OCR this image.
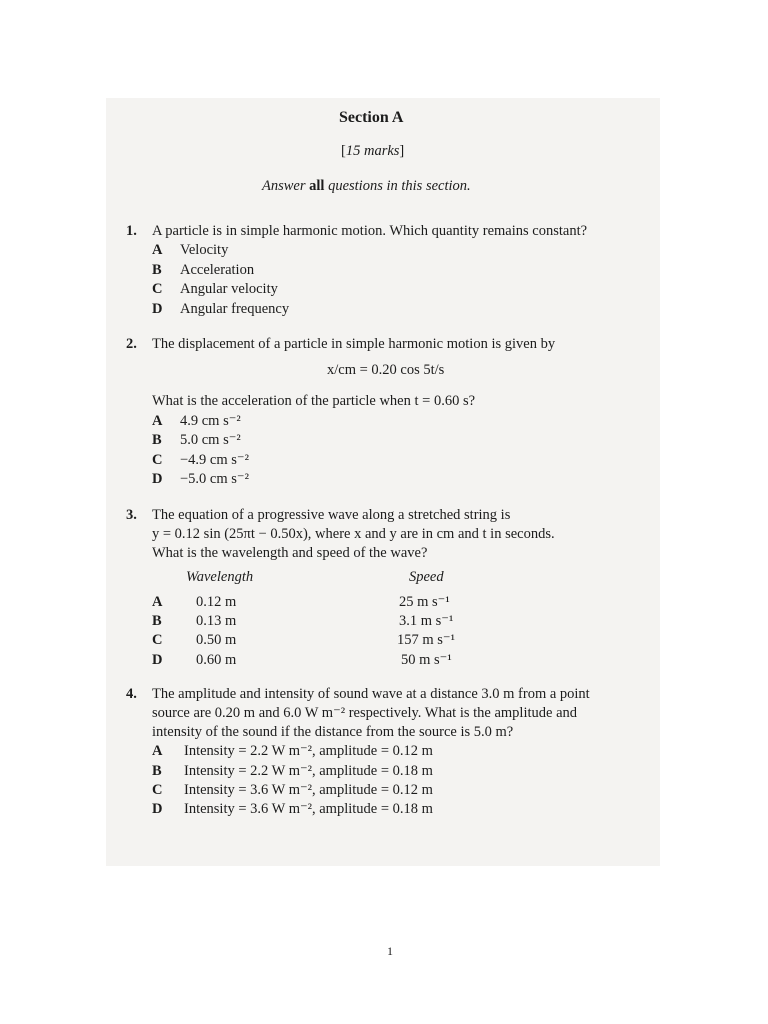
Section A
[15 marks]
Answer all questions in this section.
1. A particle is in simple harmonic motion. Which quantity remains constant?
A Velocity
B Acceleration
C Angular velocity
D Angular frequency
2. The displacement of a particle in simple harmonic motion is given by
x/cm = 0.20 cos 5t/s
What is the acceleration of the particle when t = 0.60 s?
A 4.9 cm s⁻²
B 5.0 cm s⁻²
C −4.9 cm s⁻²
D −5.0 cm s⁻²
3. The equation of a progressive wave along a stretched string is
y = 0.12 sin (25πt − 0.50x), where x and y are in cm and t in seconds.
What is the wavelength and speed of the wave?
Wavelength	Speed
A 0.12 m	25 m s⁻¹
B 0.13 m	3.1 m s⁻¹
C 0.50 m	157 m s⁻¹
D 0.60 m	50 m s⁻¹
4. The amplitude and intensity of sound wave at a distance 3.0 m from a point
source are 0.20 m and 6.0 W m⁻² respectively. What is the amplitude and
intensity of the sound if the distance from the source is 5.0 m?
A Intensity = 2.2 W m⁻², amplitude = 0.12 m
B Intensity = 2.2 W m⁻², amplitude = 0.18 m
C Intensity = 3.6 W m⁻², amplitude = 0.12 m
D Intensity = 3.6 W m⁻², amplitude = 0.18 m
1
